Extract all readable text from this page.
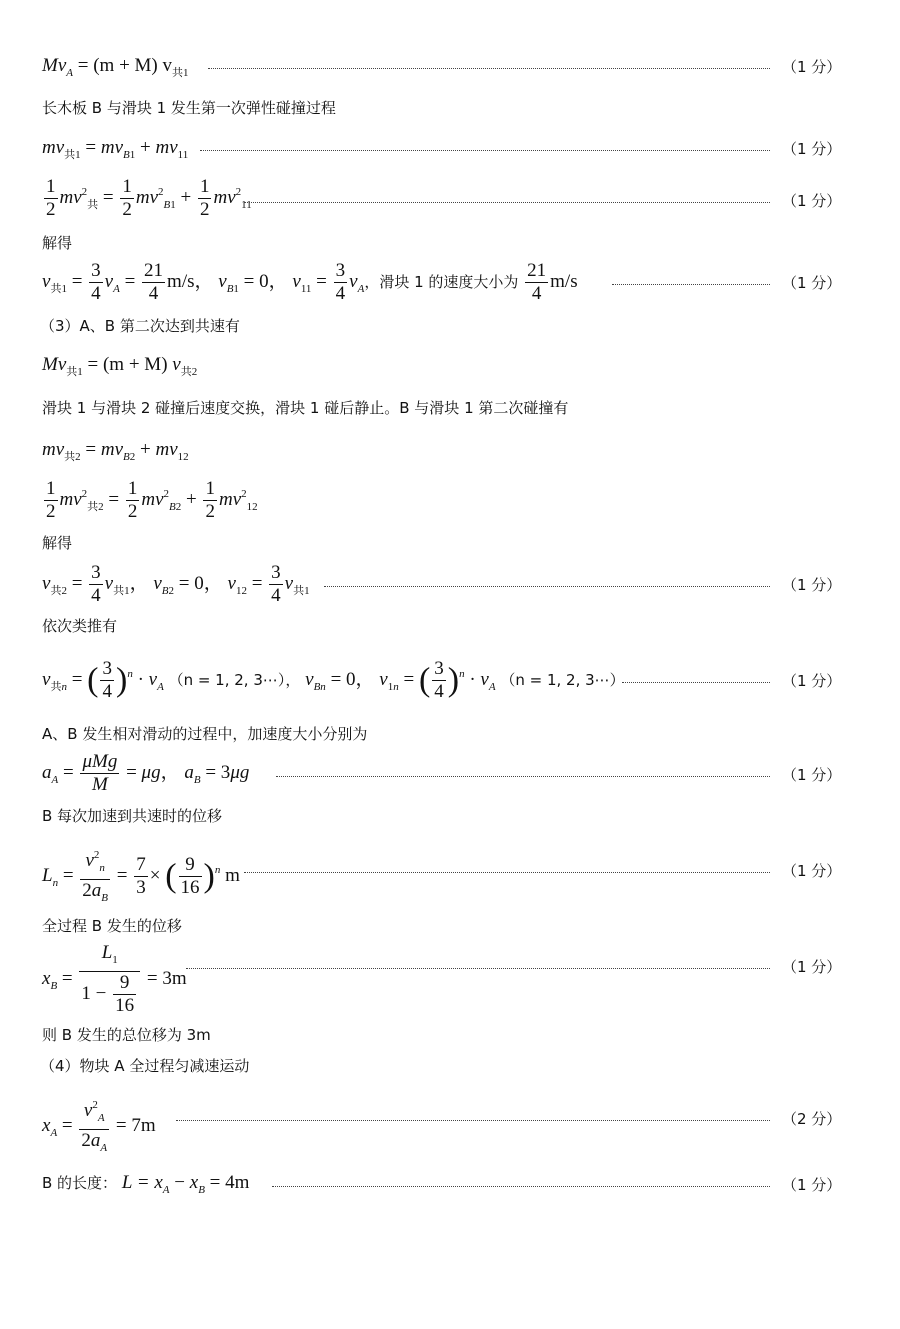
$Mv_A = (m + M)$ $v_{共1}$	（1 分）
长木板 B 与滑块 1 发生第一次弹性碰撞过程
$mv_{共1} = mv_{B1} + mv_{11}$	（1 分）
$\frac{1}{2} mv^2_共 = \frac{1}{2} mv^2_{B1} + \frac{1}{2} mv^2_{11}$	（1 分）
解得
$v_{共1} = \frac{3}{4} v_A = \frac{21}{4} m/s$， $v_{B1} = 0$， $v_{11} = \frac{3}{4} v_A$，滑块 1 的速度大小为 $\frac{21}{4} m/s$	（1 分）
（3）A、B 第二次达到共速有
$Mv_{共1} = (m + M)$ $v_{共2}$
滑块 1 与滑块 2 碰撞后速度交换，滑块 1 碰后静止。B 与滑块 1 第二次碰撞有
$mv_{共2} = mv_{B2} + mv_{12}$
$\frac{1}{2} mv^2_{共2} = \frac{1}{2} mv^2_{B2} + \frac{1}{2} mv^2_{12}$
解得
$v_{共2} = \frac{3}{4} v_{共1}$， $v_{B2} = 0$， $v_{12} = \frac{3}{4} v_{共1}$	（1 分）
依次类推有
$v_{共n}$ = ( $\frac{3}{4} )^n \cdot v_A$ （n = 1, 2, 3⋯）， $v_{Bn} = 0$， $v_{1n}$ = ( $\frac{3}{4} )^n \cdot v_A$ （n = 1, 2, 3⋯）	（1 分）
A、B 发生相对滑动的过程中，加速度大小分别为
$a_A = \frac{\text{μMg}}{M} = \mu g$， $a_B = 3\mu g$	（1 分）
B 每次加速到共速时的位移
$L_n = \frac{v^2_n}{2a_B} = \frac{7}{3}$ × ( $\frac{9}{16} )^n$ m	（1 分）
全过程 B 发生的位移
$x_B = \frac{L_1}{1 - \frac{9}{16}} = 3m$
（1 分）
则 B 发生的总位移为 3m
（4）物块 A 全过程匀减速运动
$x_A = \frac{v^2_A}{2a_A} = 7m$	（2 分）
B 的长度： $L = x_A - x_B = 4m$	（1 分）
